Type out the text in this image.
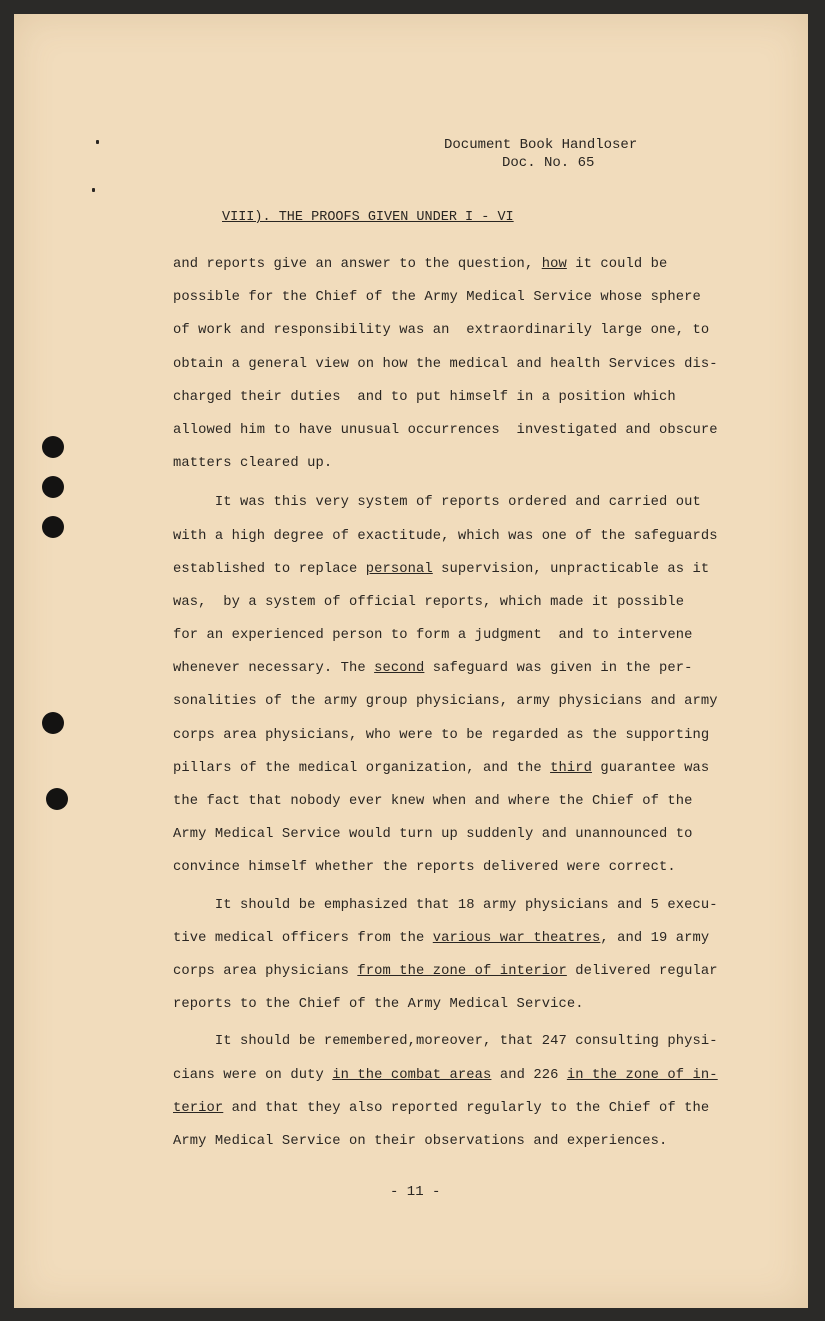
Document Book Handloser
Doc. No. 65
VIII). THE PROOFS GIVEN UNDER I - VI
and reports give an answer to the question, how it could be
possible for the Chief of the Army Medical Service whose sphere
of work and responsibility was an  extraordinarily large one, to
obtain a general view on how the medical and health Services dis-
charged their duties  and to put himself in a position which
allowed him to have unusual occurrences  investigated and obscure
matters cleared up.
It was this very system of reports ordered and carried out
with a high degree of exactitude, which was one of the safeguards
established to replace personal supervision, unpracticable as it
was,  by a system of official reports, which made it possible
for an experienced person to form a judgment  and to intervene
whenever necessary. The second safeguard was given in the per-
sonalities of the army group physicians, army physicians and army
corps area physicians, who were to be regarded as the supporting
pillars of the medical organization, and the third guarantee was
the fact that nobody ever knew when and where the Chief of the
Army Medical Service would turn up suddenly and unannounced to
convince himself whether the reports delivered were correct.
It should be emphasized that 18 army physicians and 5 execu-
tive medical officers from the various war theatres, and 19 army
corps area physicians from the zone of interior delivered regular
reports to the Chief of the Army Medical Service.
It should be remembered,moreover, that 247 consulting physi-
cians were on duty in the combat areas and 226 in the zone of in-
terior and that they also reported regularly to the Chief of the
Army Medical Service on their observations and experiences.
- 11 -
